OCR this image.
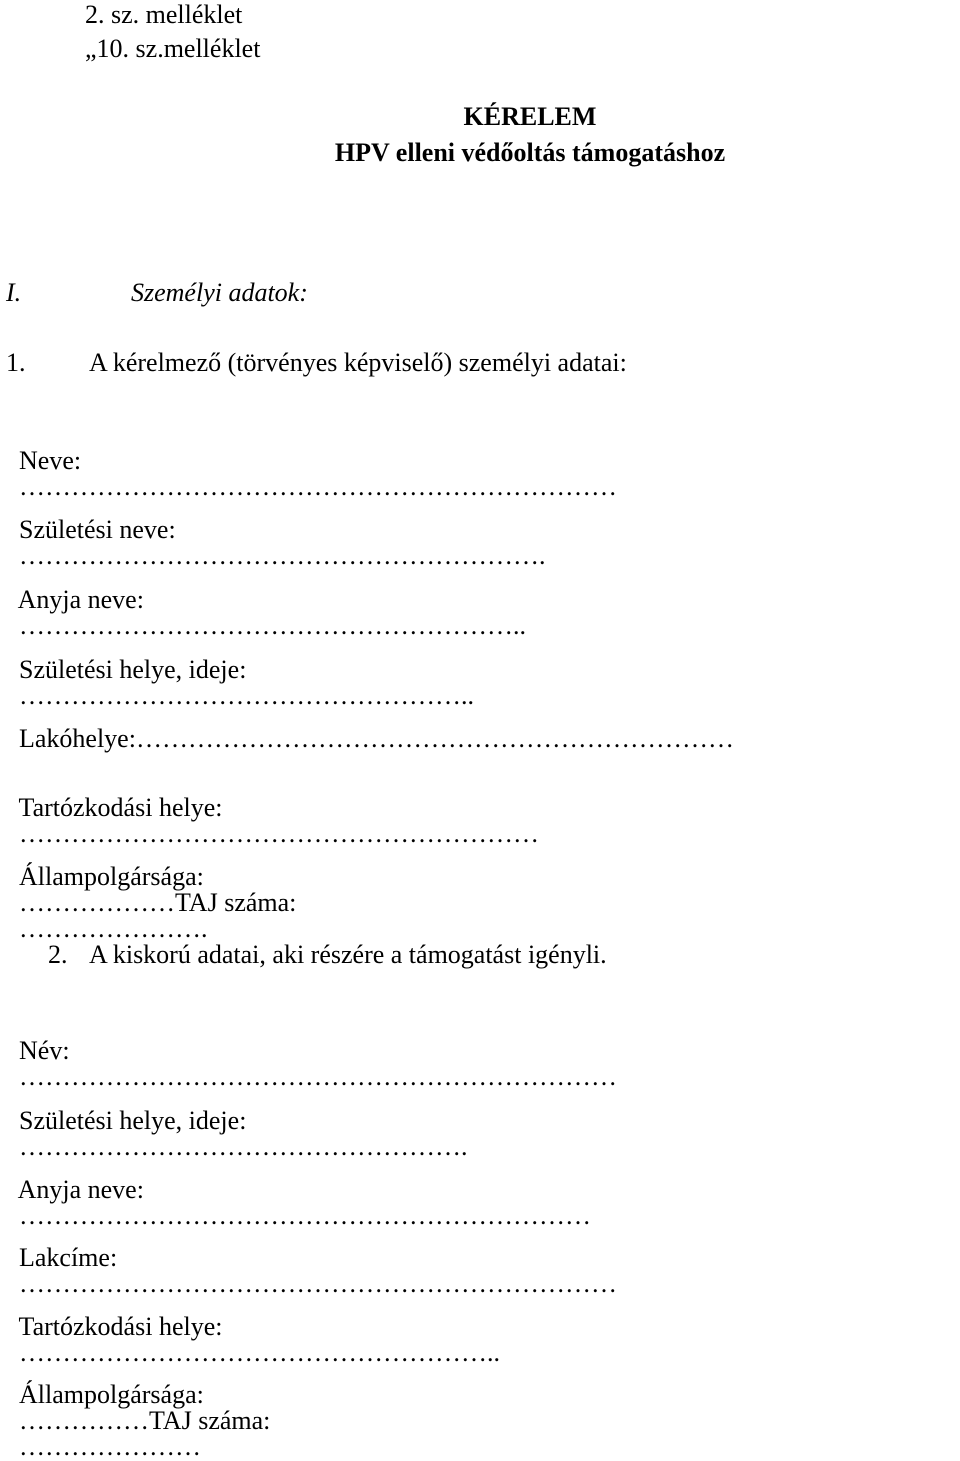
2. sz. melléklet
„10. sz.melléklet
KÉRELEM
HPV elleni védőoltás támogatáshoz
I.	Személyi adatok:
1. A kérelmező (törvényes képviselő) személyi adatai:

Neve:
……………………………………………………………

Születési neve:
…………………………………………………….

Anyja neve:
…………………………………………………..

Születési helye, ideje:
……………………………………………..

Lakóhelye:……………………………………………………………

Tartózkodási helye:
……………………………………………………

Állampolgársága:
………………TAJ száma:
………………….

2. A kiskorú adatai, aki részére a támogatást igényli.

Név:
……………………………………………………………

Születési helye, ideje:
…………………………………………….

Anyja neve:
…………………………………………………………

Lakcíme:
……………………………………………………………

Tartózkodási helye:
………………………………………………..

Állampolgársága:
……………TAJ száma:
…………………
